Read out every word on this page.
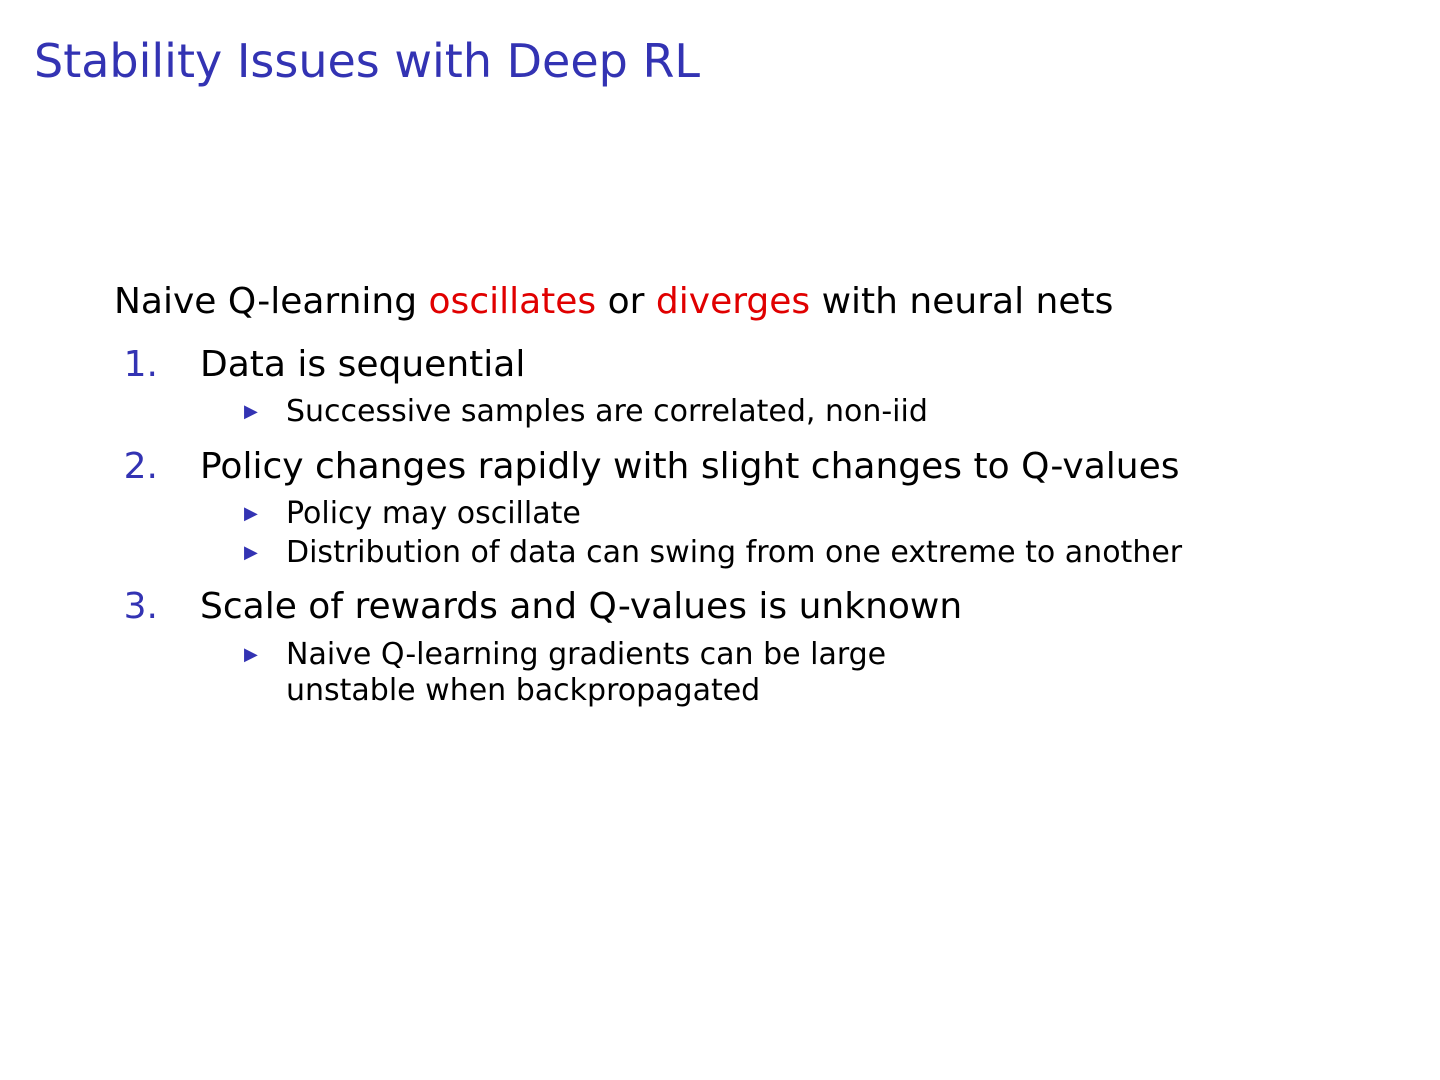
Stability Issues with Deep RL

Naive Q-learning oscillates or diverges with neural nets

1.	Data is sequential
▶ Successive samples are correlated, non-iid
2.	Policy changes rapidly with slight changes to Q-values
▶ Policy may oscillate
▶ Distribution of data can swing from one extreme to another
3.	Scale of rewards and Q-values is unknown
▶ Naive Q-learning gradients can be large
unstable when backpropagated
